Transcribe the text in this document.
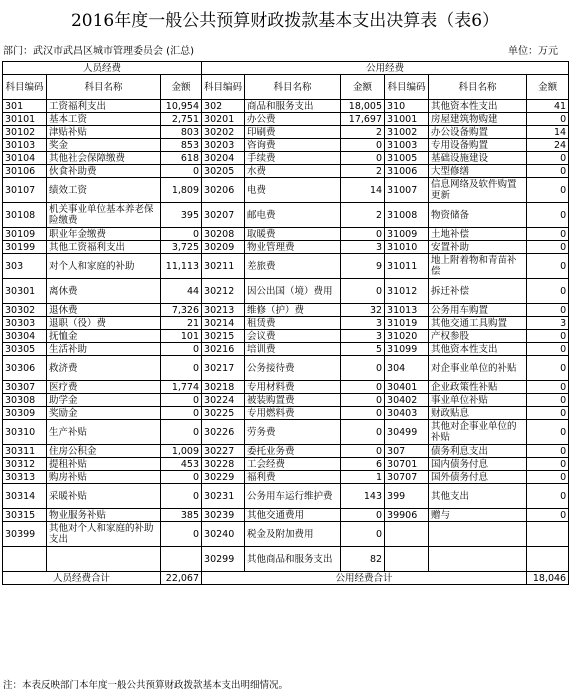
2016年度一般公共预算财政拨款基本支出决算表（表6）
部门：武汉市武昌区城市管理委员会 (汇总)	单位：万元
人员经费			公用经费					
科目编码	科目名称	金额	科目编码	科目名称	金额	科目编码	科目名称	金额
301	工资福利支出	10,954	302	商品和服务支出	18,005	310	其他资本性支出	41
30101	基本工资	2,751	30201	办公费	17,697	31001	房屋建筑物购建	0
30102	津贴补贴	803	30202	印刷费	2	31002	办公设备购置	14
30103	奖金	853	30203	咨询费	0	31003	专用设备购置	24
30104	其他社会保障缴费	618	30204	手续费	0	31005	基础设施建设	0
30106	伙食补助费	0	30205	水费	2	31006	大型修缮	0
30107	绩效工资	1,809	30206	电费	14	31007	信息网络及软件购置更新	0
30108	机关事业单位基本养老保险缴费	395	30207	邮电费	2	31008	物资储备	0
30109	职业年金缴费	0	30208	取暖费	0	31009	土地补偿	0
30199	其他工资福利支出	3,725	30209	物业管理费	3	31010	安置补助	0
303	对个人和家庭的补助	11,113	30211	差旅费	9	31011	地上附着物和青苗补偿	0
30301	离休费	44	30212	因公出国（境）费用	0	31012	拆迁补偿	0
30302	退休费	7,326	30213	维修（护）费	32	31013	公务用车购置	0
30303	退职（役）费	21	30214	租赁费	3	31019	其他交通工具购置	3
30304	抚恤金	101	30215	会议费	3	31020	产权参股	0
30305	生活补助	0	30216	培训费	5	31099	其他资本性支出	0
30306	救济费	0	30217	公务接待费	0	304	对企事业单位的补贴	0
30307	医疗费	1,774	30218	专用材料费	0	30401	企业政策性补贴	0
30308	助学金	0	30224	被装购置费	0	30402	事业单位补贴	0
30309	奖励金	0	30225	专用燃料费	0	30403	财政贴息	0
30310	生产补贴	0	30226	劳务费	0	30499	其他对企事业单位的补贴	0
30311	住房公积金	1,009	30227	委托业务费	0	307	债务利息支出	0
30312	提租补贴	453	30228	工会经费	6	30701	国内债务付息	0
30313	购房补贴	0	30229	福利费	1	30707	国外债务付息	0
30314	采暖补贴	0	30231	公务用车运行维护费	143	399	其他支出	0
30315	物业服务补贴	385	30239	其他交通费用	0	39906	赠与	0
30399	其他对个人和家庭的补助支出	0	30240	税金及附加费用	0			
			30299	其他商品和服务支出	82			
人员经费合计		22,067	公用经费合计					18,046
注：本表反映部门本年度一般公共预算财政拨款基本支出明细情况。
